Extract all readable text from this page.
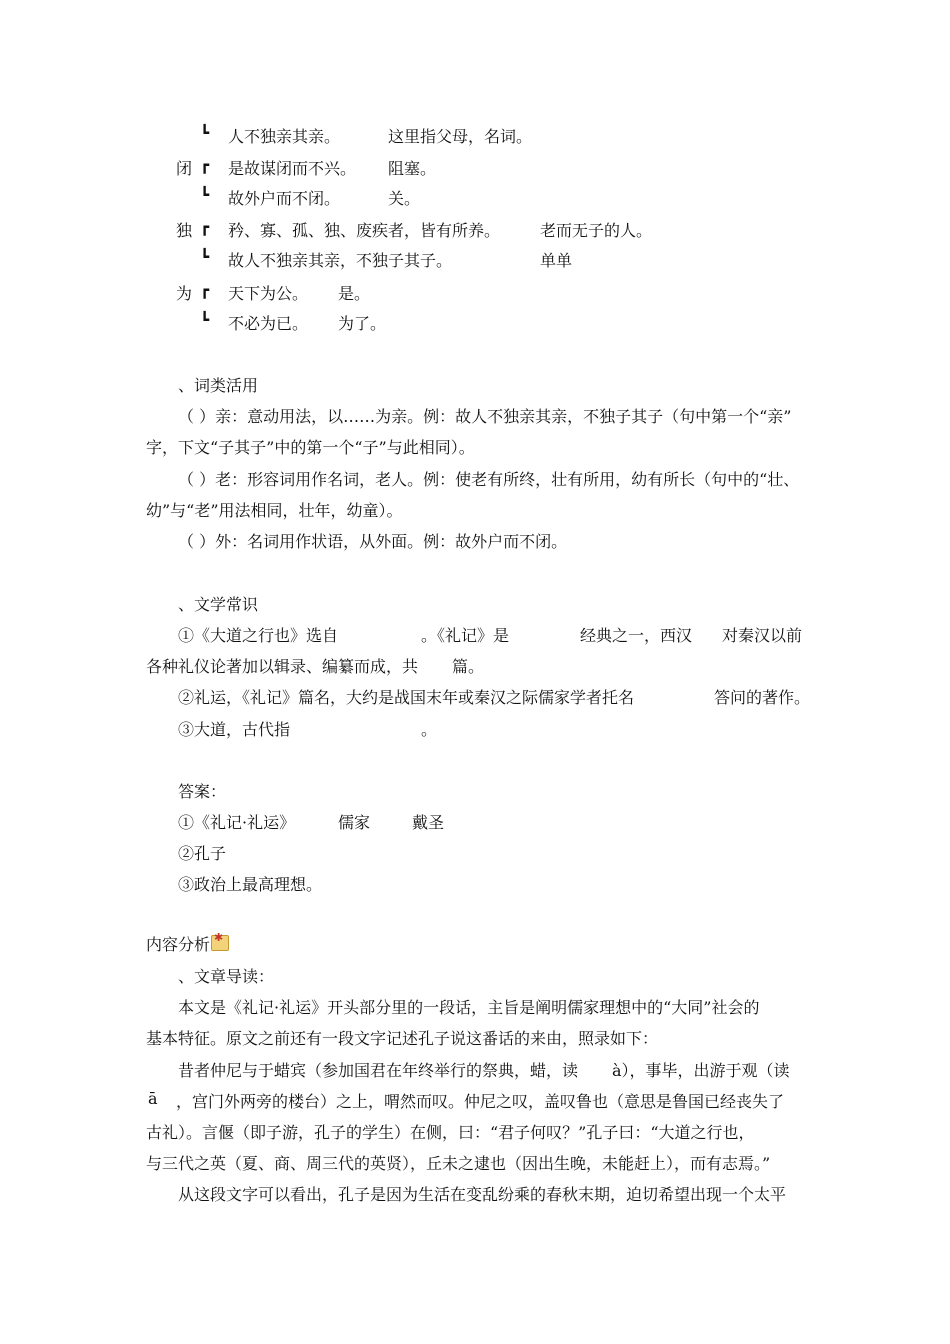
┗ 人不独亲其亲。	这里指父母，名词。
闭 ┏ 是故谋闭而不兴。 阻塞。
┗ 故外户而不闭。	关。
独 ┏ 矜、寡、孤、独、废疾者，皆有所养。 老而无子的人。
┗ 故人不独亲其亲，不独子其子。	单单
为 ┏ 天下为公。 是。
┗ 不必为已。 为了。
、词类活用
（ ）亲：意动用法，以……为亲。例：故人不独亲其亲，不独子其子（句中第一个“亲”
字，下文“子其子”中的第一个“子”与此相同）。
（ ）老：形容词用作名词，老人。例：使老有所终，壮有所用，幼有所长（句中的“壮、
幼”与“老”用法相同，壮年，幼童）。
（ ）外：名词用作状语，从外面。例：故外户而不闭。
、文学常识
①《大道之行也》选自	。《礼记》是	经典之一，西汉 对秦汉以前
各种礼仪论著加以辑录、编纂而成，共 篇。
②礼运，《礼记》篇名，大约是战国末年或秦汉之际儒家学者托名	答问的著作。
③大道，古代指	。
答案：
①《礼记·礼运》	儒家	戴圣
②孔子
③政治上最高理想。
内容分析✱
、文章导读：
本文是《礼记·礼运》开头部分里的一段话，主旨是阐明儒家理想中的“大同”社会的
基本特征。原文之前还有一段文字记述孔子说这番话的来由，照录如下：
昔者仲尼与于蜡宾（参加国君在年终举行的祭典，蜡，读 à），事毕，出游于观（读
ā ，宫门外两旁的楼台）之上，喟然而叹。仲尼之叹，盖叹鲁也（意思是鲁国已经丧失了
古礼）。言偃（即子游，孔子的学生）在侧，曰：“君子何叹？”孔子曰：“大道之行也，
与三代之英（夏、商、周三代的英贤），丘未之逮也（因出生晚，未能赶上），而有志焉。”
从这段文字可以看出，孔子是因为生活在变乱纷乘的春秋末期，迫切希望出现一个太平
